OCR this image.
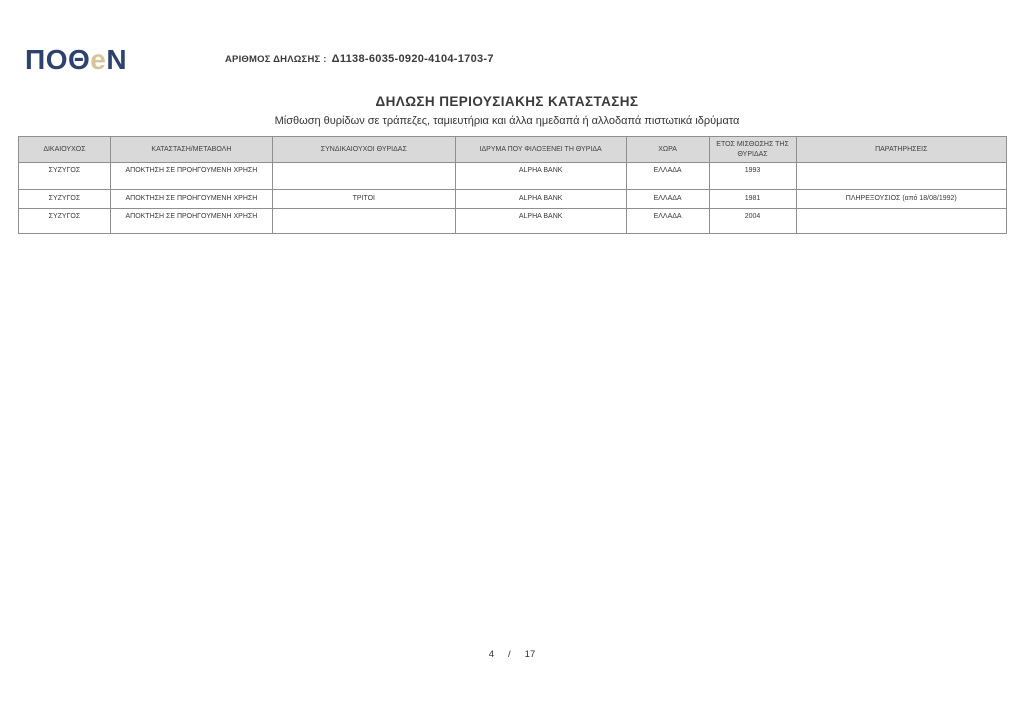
ΠΟΘeN	ΑΡΙΘΜΟΣ ΔΗΛΩΣΗΣ : Δ1138-6035-0920-4104-1703-7
ΔΗΛΩΣΗ ΠΕΡΙΟΥΣΙΑΚΗΣ ΚΑΤΑΣΤΑΣΗΣ
Μίσθωση θυρίδων σε τράπεζες, ταμιευτήρια και άλλα ημεδαπά ή αλλοδαπά πιστωτικά ιδρύματα
ΔΙΚΑΙΟΥΧΟΣ	ΚΑΤΑΣΤΑΣΗ/ΜΕΤΑΒΟΛΗ	ΣΥΝΔΙΚΑΙΟΥΧΟΙ ΘΥΡΙΔΑΣ	ΙΔΡΥΜΑ ΠΟΥ ΦΙΛΟΞΕΝΕΙ ΤΗ ΘΥΡΙΔΑ	ΧΩΡΑ	ΕΤΟΣ ΜΙΣΘΩΣΗΣ ΤΗΣ ΘΥΡΙΔΑΣ	ΠΑΡΑΤΗΡΗΣΕΙΣ
ΣΥΖΥΓΟΣ	ΑΠΟΚΤΗΣΗ ΣΕ ΠΡΟΗΓΟΥΜΕΝΗ ΧΡΗΣΗ		ALPHA BANK	ΕΛΛΑΔΑ	1993	
ΣΥΖΥΓΟΣ	ΑΠΟΚΤΗΣΗ ΣΕ ΠΡΟΗΓΟΥΜΕΝΗ ΧΡΗΣΗ	ΤΡΙΤΟΙ	ALPHA BANK	ΕΛΛΑΔΑ	1981	ΠΛΗΡΕΞΟΥΣΙΟΣ (από 18/08/1992)
ΣΥΖΥΓΟΣ	ΑΠΟΚΤΗΣΗ ΣΕ ΠΡΟΗΓΟΥΜΕΝΗ ΧΡΗΣΗ		ALPHA BANK	ΕΛΛΑΔΑ	2004	
4 / 17
